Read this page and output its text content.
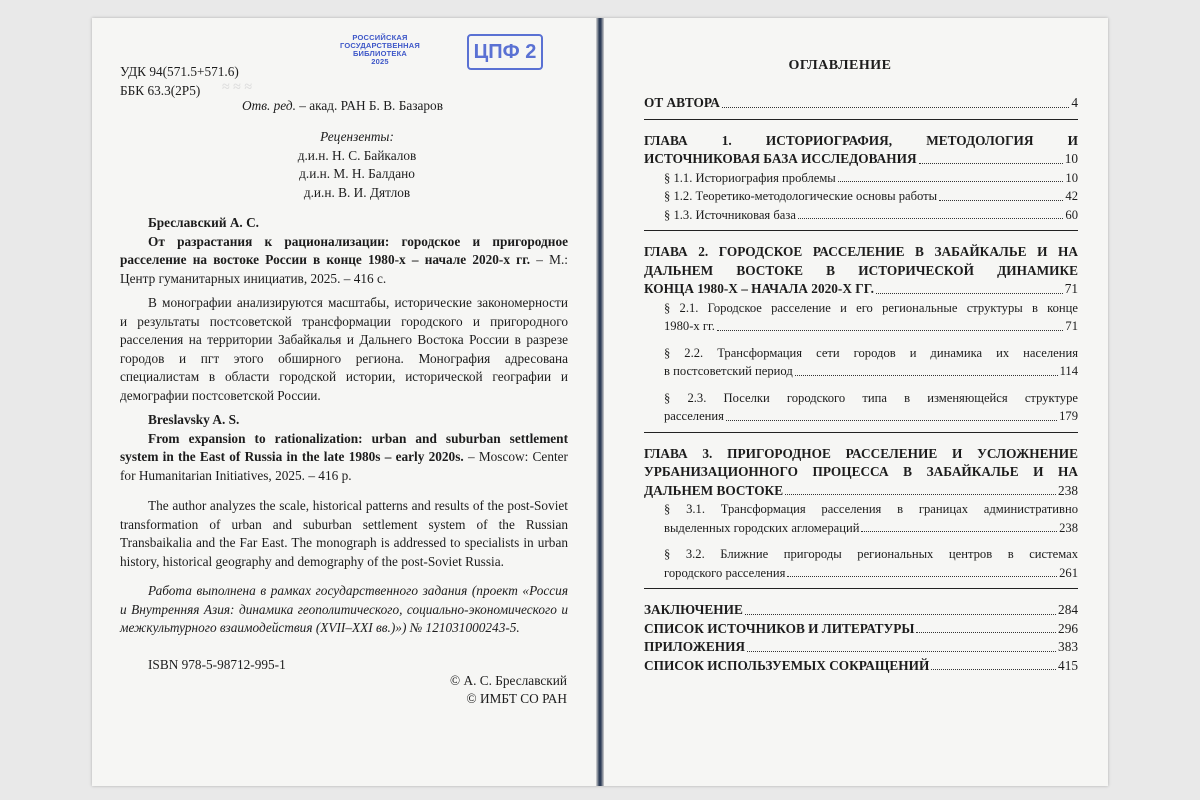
≈ ≈ ≈
РОССИЙСКАЯ
ГОСУДАРСТВЕННАЯ
БИБЛИОТЕКА

2025	ЦПФ 2
УДК 94(571.5+571.6)
ББК 63.3(2Р5)
Отв. ред. – акад. РАН Б. В. Базаров
Рецензенты:
д.и.н. Н. С. Байкалов
д.и.н. М. Н. Балдано
д.и.н. В. И. Дятлов
Бреславский А. С.
От разрастания к рационализации: городское и пригородное расселение на востоке России в конце 1980-х – начале 2020-х гг. – М.: Центр гуманитарных инициатив, 2025. – 416 с.
В монографии анализируются масштабы, исторические закономерности и результаты постсоветской трансформации городского и пригородного расселения на территории Забайкалья и Дальнего Востока России в разрезе городов и пгт этого обширного региона. Монография адресована специалистам в области городской истории, исторической географии и демографии постсоветской России.
Breslavsky A. S.
From expansion to rationalization: urban and suburban settlement system in the East of Russia in the late 1980s – early 2020s. – Moscow: Center for Humanitarian Initiatives, 2025. – 416 p.
The author analyzes the scale, historical patterns and results of the post-Soviet transformation of urban and suburban settlement system of the Russian Transbaikalia and the Far East. The monograph is addressed to specialists in urban history, historical geography and demography of the post-Soviet Russia.
Работа выполнена в рамках государственного задания (проект «Россия и Внутренняя Азия: динамика геополитического, социально-экономического и межкультурного взаимодействия (XVII–XXI вв.)») № 121031000243-5.
ISBN 978-5-98712-995-1
© А. С. Бреславский
© ИМБТ СО РАН
ОГЛАВЛЕНИЕ
ОТ АВТОРА	4
ГЛАВА 1. ИСТОРИОГРАФИЯ, МЕТОДОЛОГИЯ И
ИСТОЧНИКОВАЯ БАЗА ИССЛЕДОВАНИЯ	10
§ 1.1. Историография проблемы	10
§ 1.2. Теоретико-методологические основы работы	42
§ 1.3. Источниковая база	60
ГЛАВА 2. ГОРОДСКОЕ РАССЕЛЕНИЕ В ЗАБАЙКАЛЬЕ И НА
ДАЛЬНЕМ ВОСТОКЕ В ИСТОРИЧЕСКОЙ ДИНАМИКЕ
КОНЦА 1980-Х – НАЧАЛА 2020-Х ГГ.	71
§ 2.1. Городское расселение и его региональные структуры в конце
1980-х гг.	71
§ 2.2. Трансформация сети городов и динамика их населения
в постсоветский период	114
§ 2.3. Поселки городского типа в изменяющейся структуре
расселения	179
ГЛАВА 3. ПРИГОРОДНОЕ РАССЕЛЕНИЕ И УСЛОЖНЕНИЕ
УРБАНИЗАЦИОННОГО ПРОЦЕССА В ЗАБАЙКАЛЬЕ И НА
ДАЛЬНЕМ ВОСТОКЕ	238
§ 3.1. Трансформация расселения в границах административно
выделенных городских агломераций	238
§ 3.2. Ближние пригороды региональных центров в системах
городского расселения	261
ЗАКЛЮЧЕНИЕ	284
СПИСОК ИСТОЧНИКОВ И ЛИТЕРАТУРЫ	296
ПРИЛОЖЕНИЯ	383
СПИСОК ИСПОЛЬЗУЕМЫХ СОКРАЩЕНИЙ	415
